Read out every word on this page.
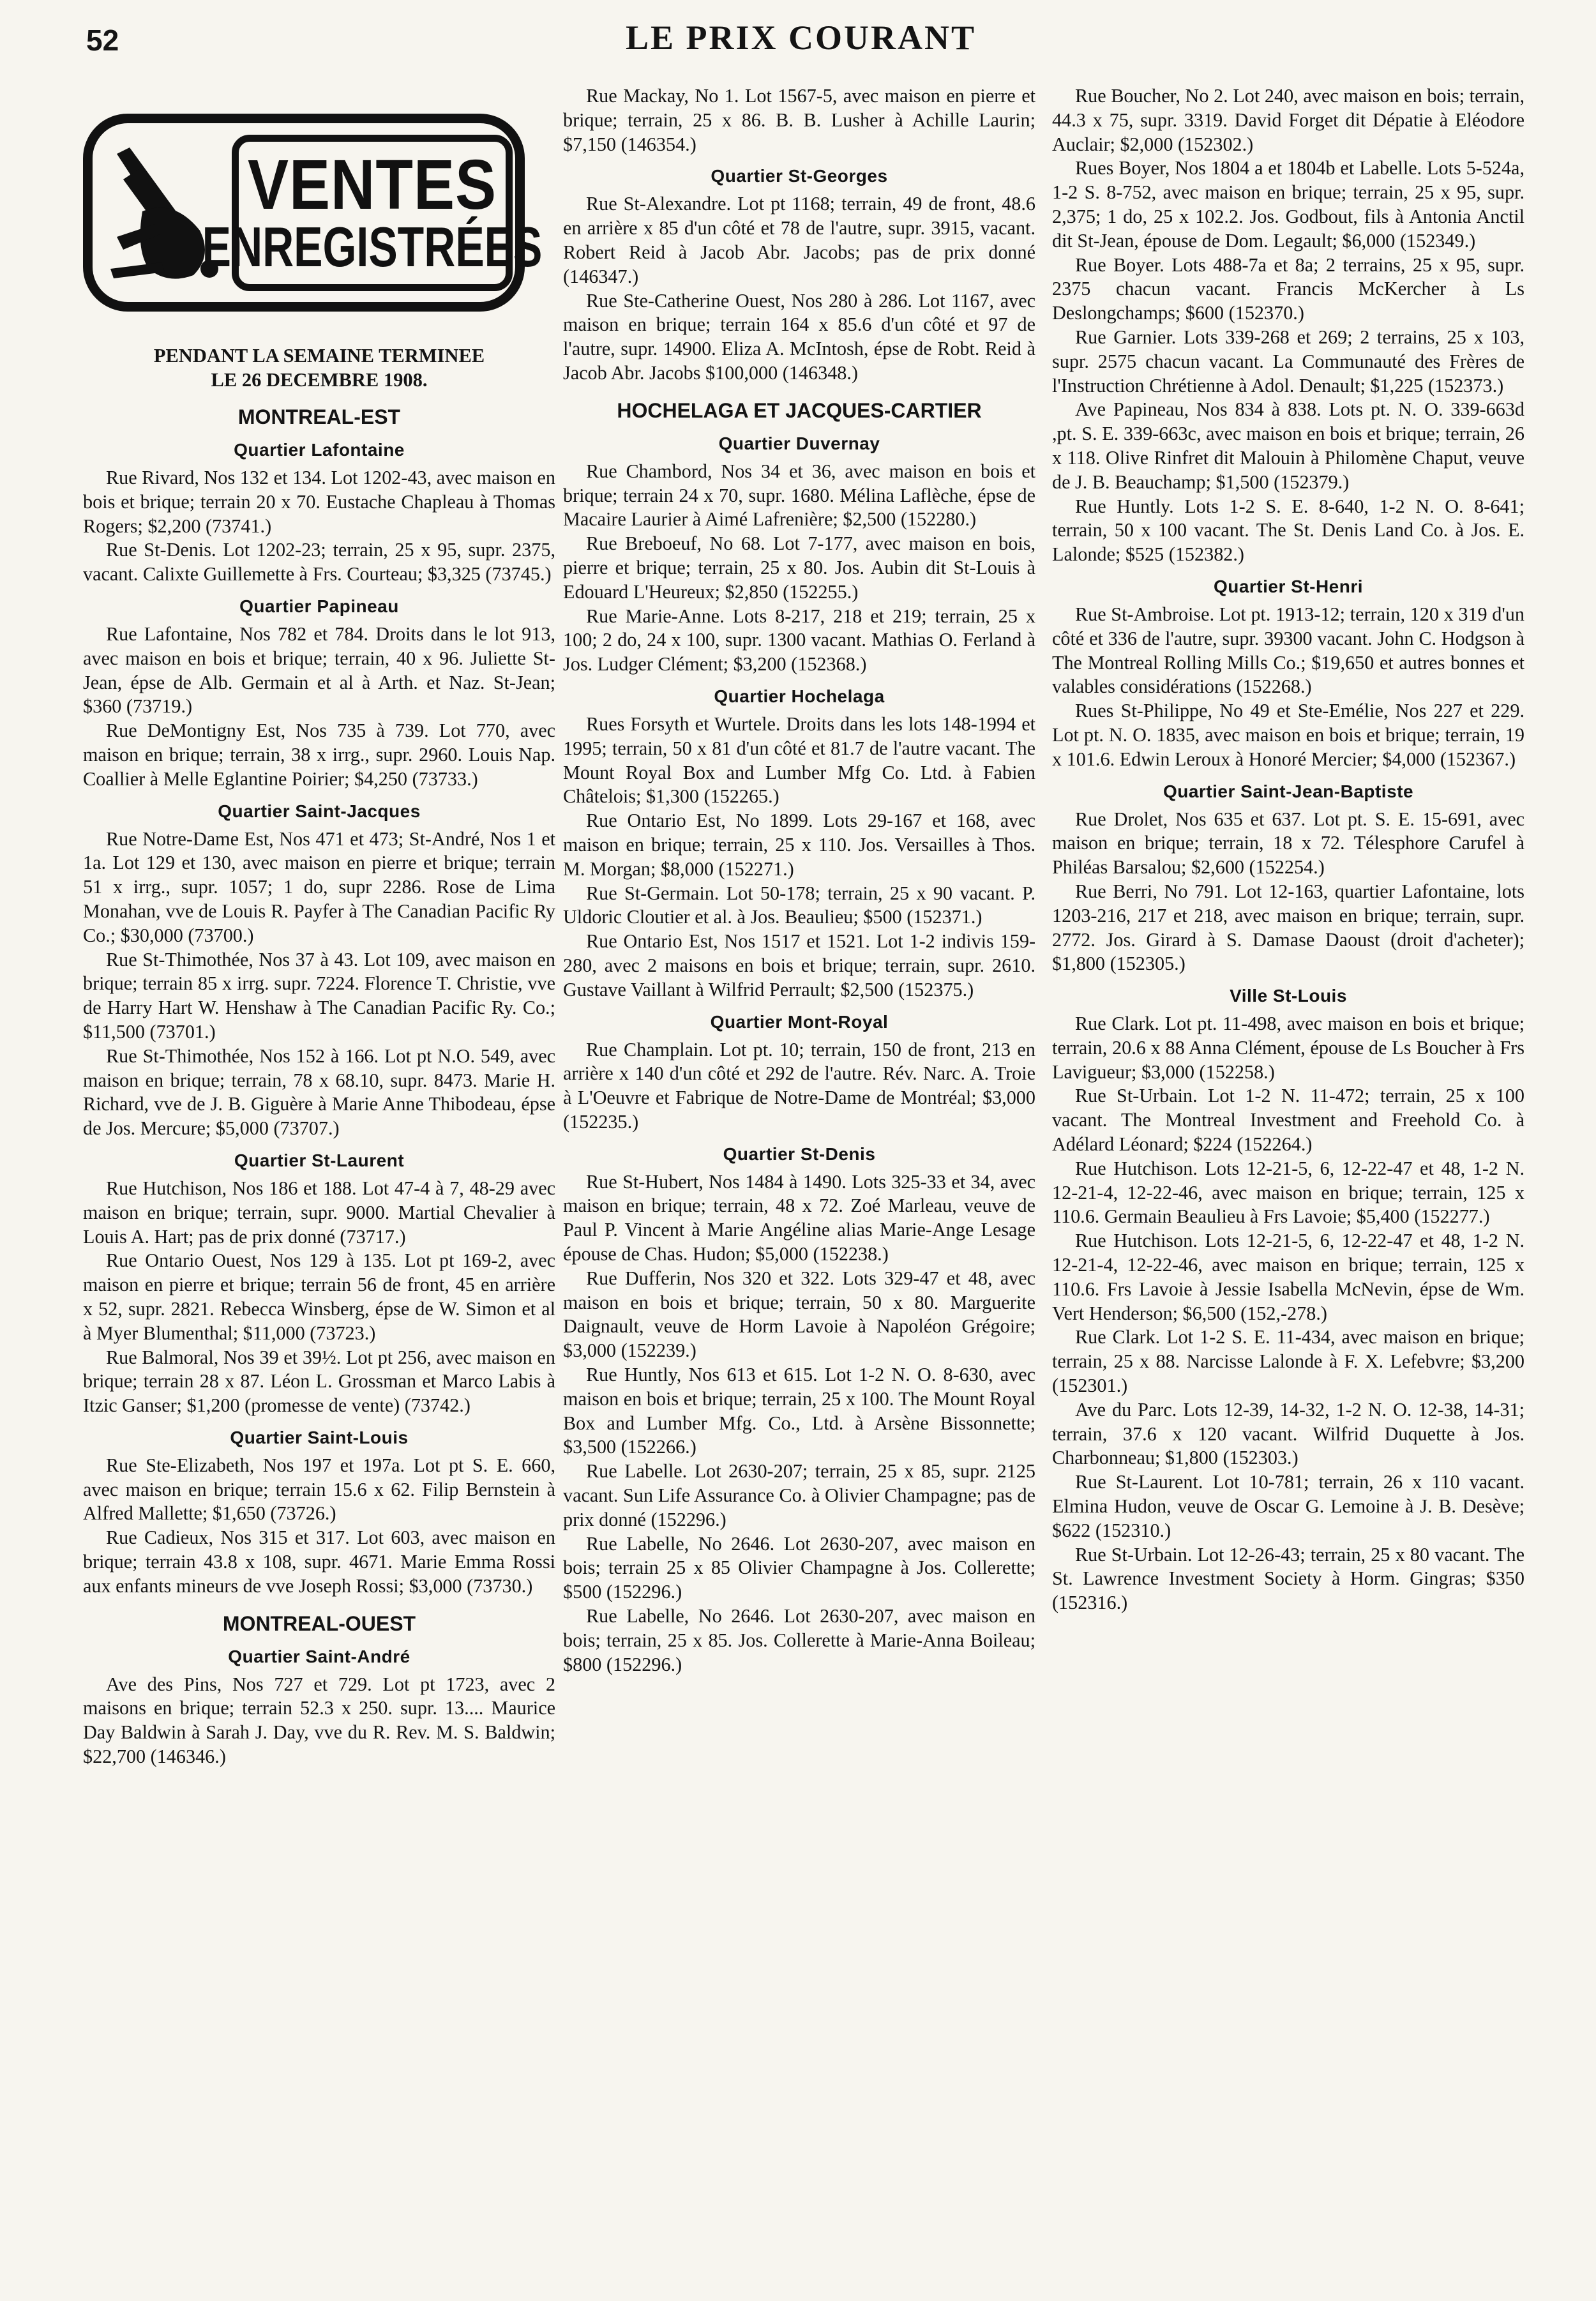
52	LE PRIX COURANT
VENTES
ENREGISTRÉES
PENDANT LA SEMAINE TERMINEE
LE 26 DECEMBRE 1908.
MONTREAL-EST
Quartier Lafontaine
Rue Rivard, Nos 132 et 134. Lot 1202-43, avec maison en bois et brique; terrain 20 x 70. Eustache Chapleau à Thomas Rogers; $2,200 (73741.)
Rue St-Denis. Lot 1202-23; terrain, 25 x 95, supr. 2375, vacant. Calixte Guillemette à Frs. Courteau; $3,325 (73745.)
Quartier Papineau
Rue Lafontaine, Nos 782 et 784. Droits dans le lot 913, avec maison en bois et brique; terrain, 40 x 96. Juliette St-Jean, épse de Alb. Germain et al à Arth. et Naz. St-Jean; $360 (73719.)
Rue DeMontigny Est, Nos 735 à 739. Lot 770, avec maison en brique; terrain, 38 x irrg., supr. 2960. Louis Nap. Coallier à Melle Eglantine Poirier; $4,250 (73733.)
Quartier Saint-Jacques
Rue Notre-Dame Est, Nos 471 et 473; St-André, Nos 1 et 1a. Lot 129 et 130, avec maison en pierre et brique; terrain 51 x irrg., supr. 1057; 1 do, supr 2286. Rose de Lima Monahan, vve de Louis R. Payfer à The Canadian Pacific Ry Co.; $30,000 (73700.)
Rue St-Thimothée, Nos 37 à 43. Lot 109, avec maison en brique; terrain 85 x irrg. supr. 7224. Florence T. Christie, vve de Harry Hart W. Henshaw à The Canadian Pacific Ry. Co.; $11,500 (73701.)
Rue St-Thimothée, Nos 152 à 166. Lot pt N.O. 549, avec maison en brique; terrain, 78 x 68.10, supr. 8473. Marie H. Richard, vve de J. B. Giguère à Marie Anne Thibodeau, épse de Jos. Mercure; $5,000 (73707.)
Quartier St-Laurent
Rue Hutchison, Nos 186 et 188. Lot 47-4 à 7, 48-29 avec maison en brique; terrain, supr. 9000. Martial Chevalier à Louis A. Hart; pas de prix donné (73717.)
Rue Ontario Ouest, Nos 129 à 135. Lot pt 169-2, avec maison en pierre et brique; terrain 56 de front, 45 en arrière x 52, supr. 2821. Rebecca Winsberg, épse de W. Simon et al à Myer Blumenthal; $11,000 (73723.)
Rue Balmoral, Nos 39 et 39½. Lot pt 256, avec maison en brique; terrain 28 x 87. Léon L. Grossman et Marco Labis à Itzic Ganser; $1,200 (promesse de vente) (73742.)
Quartier Saint-Louis
Rue Ste-Elizabeth, Nos 197 et 197a. Lot pt S. E. 660, avec maison en brique; terrain 15.6 x 62. Filip Bernstein à Alfred Mallette; $1,650 (73726.)
Rue Cadieux, Nos 315 et 317. Lot 603, avec maison en brique; terrain 43.8 x 108, supr. 4671. Marie Emma Rossi aux enfants mineurs de vve Joseph Rossi; $3,000 (73730.)
MONTREAL-OUEST
Quartier Saint-André
Ave des Pins, Nos 727 et 729. Lot pt 1723, avec 2 maisons en brique; terrain 52.3 x 250. supr. 13.... Maurice Day Baldwin à Sarah J. Day, vve du R. Rev. M. S. Baldwin; $22,700 (146346.)
Rue Mackay, No 1. Lot 1567-5, avec maison en pierre et brique; terrain, 25 x 86. B. B. Lusher à Achille Laurin; $7,150 (146354.)
Quartier St-Georges
Rue St-Alexandre. Lot pt 1168; terrain, 49 de front, 48.6 en arrière x 85 d'un côté et 78 de l'autre, supr. 3915, vacant. Robert Reid à Jacob Abr. Jacobs; pas de prix donné (146347.)
Rue Ste-Catherine Ouest, Nos 280 à 286. Lot 1167, avec maison en brique; terrain 164 x 85.6 d'un côté et 97 de l'autre, supr. 14900. Eliza A. McIntosh, épse de Robt. Reid à Jacob Abr. Jacobs $100,000 (146348.)
HOCHELAGA ET JACQUES-CARTIER
Quartier Duvernay
Rue Chambord, Nos 34 et 36, avec maison en bois et brique; terrain 24 x 70, supr. 1680. Mélina Laflèche, épse de Macaire Laurier à Aimé Lafrenière; $2,500 (152280.)
Rue Breboeuf, No 68. Lot 7-177, avec maison en bois, pierre et brique; terrain, 25 x 80. Jos. Aubin dit St-Louis à Edouard L'Heureux; $2,850 (152255.)
Rue Marie-Anne. Lots 8-217, 218 et 219; terrain, 25 x 100; 2 do, 24 x 100, supr. 1300 vacant. Mathias O. Ferland à Jos. Ludger Clément; $3,200 (152368.)
Quartier Hochelaga
Rues Forsyth et Wurtele. Droits dans les lots 148-1994 et 1995; terrain, 50 x 81 d'un côté et 81.7 de l'autre vacant. The Mount Royal Box and Lumber Mfg Co. Ltd. à Fabien Châtelois; $1,300 (152265.)
Rue Ontario Est, No 1899. Lots 29-167 et 168, avec maison en brique; terrain, 25 x 110. Jos. Versailles à Thos. M. Morgan; $8,000 (152271.)
Rue St-Germain. Lot 50-178; terrain, 25 x 90 vacant. P. Uldoric Cloutier et al. à Jos. Beaulieu; $500 (152371.)
Rue Ontario Est, Nos 1517 et 1521. Lot 1-2 indivis 159-280, avec 2 maisons en bois et brique; terrain, supr. 2610. Gustave Vaillant à Wilfrid Perrault; $2,500 (152375.)
Quartier Mont-Royal
Rue Champlain. Lot pt. 10; terrain, 150 de front, 213 en arrière x 140 d'un côté et 292 de l'autre. Rév. Narc. A. Troie à L'Oeuvre et Fabrique de Notre-Dame de Montréal; $3,000 (152235.)
Quartier St-Denis
Rue St-Hubert, Nos 1484 à 1490. Lots 325-33 et 34, avec maison en brique; terrain, 48 x 72. Zoé Marleau, veuve de Paul P. Vincent à Marie Angéline alias Marie-Ange Lesage épouse de Chas. Hudon; $5,000 (152238.)
Rue Dufferin, Nos 320 et 322. Lots 329-47 et 48, avec maison en bois et brique; terrain, 50 x 80. Marguerite Daignault, veuve de Horm Lavoie à Napoléon Grégoire; $3,000 (152239.)
Rue Huntly, Nos 613 et 615. Lot 1-2 N. O. 8-630, avec maison en bois et brique; terrain, 25 x 100. The Mount Royal Box and Lumber Mfg. Co., Ltd. à Arsène Bissonnette; $3,500 (152266.)
Rue Labelle. Lot 2630-207; terrain, 25 x 85, supr. 2125 vacant. Sun Life Assurance Co. à Olivier Champagne; pas de prix donné (152296.)
Rue Labelle, No 2646. Lot 2630-207, avec maison en bois; terrain 25 x 85 Olivier Champagne à Jos. Collerette; $500 (152296.)
Rue Labelle, No 2646. Lot 2630-207, avec maison en bois; terrain, 25 x 85. Jos. Collerette à Marie-Anna Boileau; $800 (152296.)
Rue Boucher, No 2. Lot 240, avec maison en bois; terrain, 44.3 x 75, supr. 3319. David Forget dit Dépatie à Eléodore Auclair; $2,000 (152302.)
Rues Boyer, Nos 1804 a et 1804b et Labelle. Lots 5-524a, 1-2 S. 8-752, avec maison en brique; terrain, 25 x 95, supr. 2,375; 1 do, 25 x 102.2. Jos. Godbout, fils à Antonia Anctil dit St-Jean, épouse de Dom. Legault; $6,000 (152349.)
Rue Boyer. Lots 488-7a et 8a; 2 terrains, 25 x 95, supr. 2375 chacun vacant. Francis McKercher à Ls Deslongchamps; $600 (152370.)
Rue Garnier. Lots 339-268 et 269; 2 terrains, 25 x 103, supr. 2575 chacun vacant. La Communauté des Frères de l'Instruction Chrétienne à Adol. Denault; $1,225 (152373.)
Ave Papineau, Nos 834 à 838. Lots pt. N. O. 339-663d ,pt. S. E. 339-663c, avec maison en bois et brique; terrain, 26 x 118. Olive Rinfret dit Malouin à Philomène Chaput, veuve de J. B. Beauchamp; $1,500 (152379.)
Rue Huntly. Lots 1-2 S. E. 8-640, 1-2 N. O. 8-641; terrain, 50 x 100 vacant. The St. Denis Land Co. à Jos. E. Lalonde; $525 (152382.)
Quartier St-Henri
Rue St-Ambroise. Lot pt. 1913-12; terrain, 120 x 319 d'un côté et 336 de l'autre, supr. 39300 vacant. John C. Hodgson à The Montreal Rolling Mills Co.; $19,650 et autres bonnes et valables considérations (152268.)
Rues St-Philippe, No 49 et Ste-Emélie, Nos 227 et 229. Lot pt. N. O. 1835, avec maison en bois et brique; terrain, 19 x 101.6. Edwin Leroux à Honoré Mercier; $4,000 (152367.)
Quartier Saint-Jean-Baptiste
Rue Drolet, Nos 635 et 637. Lot pt. S. E. 15-691, avec maison en brique; terrain, 18 x 72. Télesphore Carufel à Philéas Barsalou; $2,600 (152254.)
Rue Berri, No 791. Lot 12-163, quartier Lafontaine, lots 1203-216, 217 et 218, avec maison en brique; terrain, supr. 2772. Jos. Girard à S. Damase Daoust (droit d'acheter); $1,800 (152305.)
Ville St-Louis
Rue Clark. Lot pt. 11-498, avec maison en bois et brique; terrain, 20.6 x 88 Anna Clément, épouse de Ls Boucher à Frs Lavigueur; $3,000 (152258.)
Rue St-Urbain. Lot 1-2 N. 11-472; terrain, 25 x 100 vacant. The Montreal Investment and Freehold Co. à Adélard Léonard; $224 (152264.)
Rue Hutchison. Lots 12-21-5, 6, 12-22-47 et 48, 1-2 N. 12-21-4, 12-22-46, avec maison en brique; terrain, 125 x 110.6. Germain Beaulieu à Frs Lavoie; $5,400 (152277.)
Rue Hutchison. Lots 12-21-5, 6, 12-22-47 et 48, 1-2 N. 12-21-4, 12-22-46, avec maison en brique; terrain, 125 x 110.6. Frs Lavoie à Jessie Isabella McNevin, épse de Wm. Vert Henderson; $6,500 (152,-278.)
Rue Clark. Lot 1-2 S. E. 11-434, avec maison en brique; terrain, 25 x 88. Narcisse Lalonde à F. X. Lefebvre; $3,200 (152301.)
Ave du Parc. Lots 12-39, 14-32, 1-2 N. O. 12-38, 14-31; terrain, 37.6 x 120 vacant. Wilfrid Duquette à Jos. Charbonneau; $1,800 (152303.)
Rue St-Laurent. Lot 10-781; terrain, 26 x 110 vacant. Elmina Hudon, veuve de Oscar G. Lemoine à J. B. Desève; $622 (152310.)
Rue St-Urbain. Lot 12-26-43; terrain, 25 x 80 vacant. The St. Lawrence Investment Society à Horm. Gingras; $350 (152316.)
